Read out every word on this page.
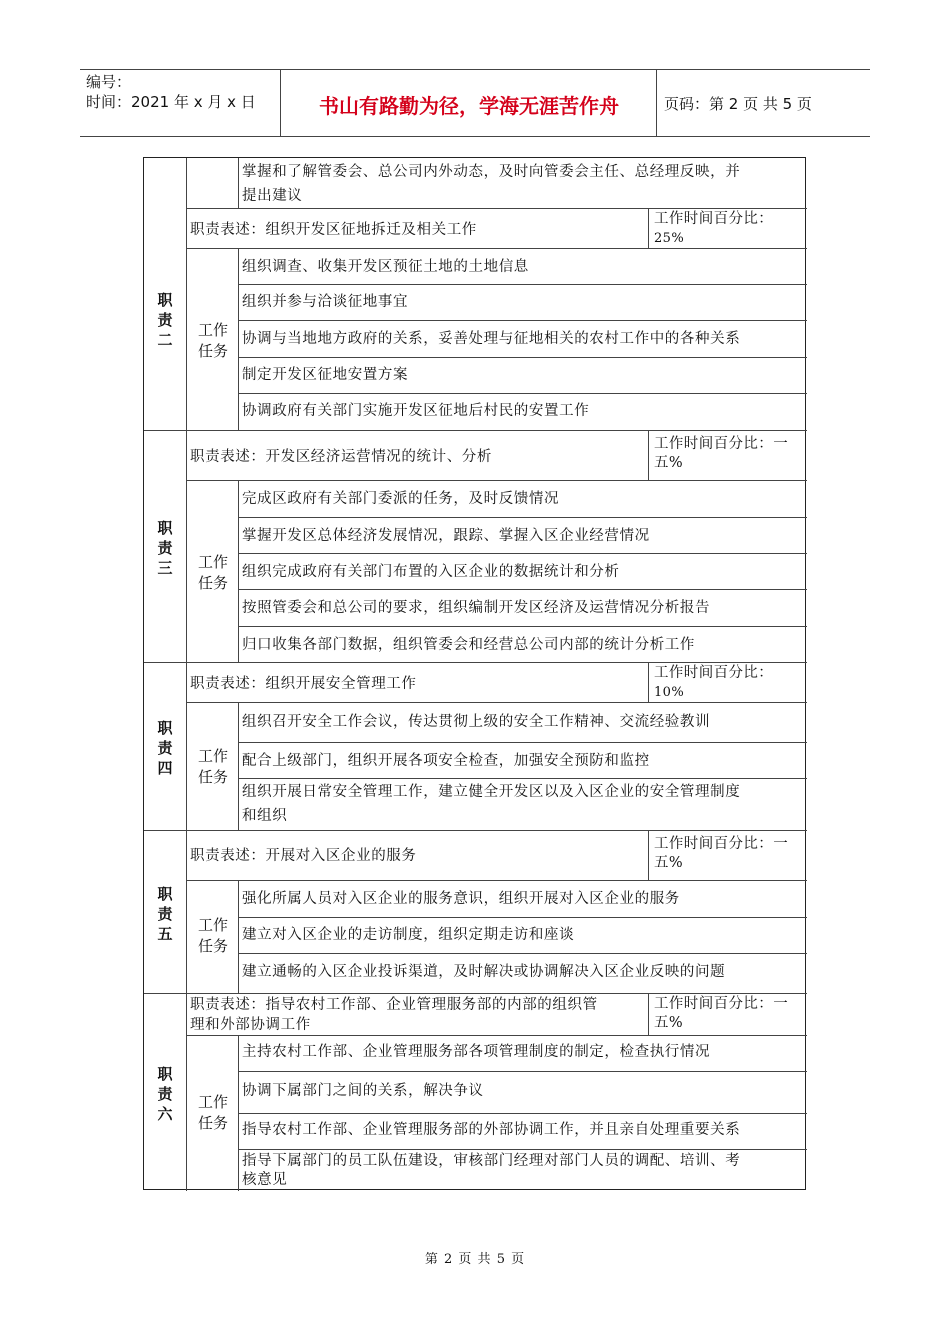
编号：
时间：2021 年 x 月 x 日	书山有路勤为径，学海无涯苦作舟	页码：第 2 页 共 5 页
掌握和了解管委会、总公司内外动态，及时向管委会主任、总经理反映，并
提出建议
职
责
二
职责表述：组织开发区征地拆迁及相关工作
工作时间百分比：
25%
工作
任务
组织调查、收集开发区预征土地的土地信息
组织并参与洽谈征地事宜
协调与当地地方政府的关系，妥善处理与征地相关的农村工作中的各种关系
制定开发区征地安置方案
协调政府有关部门实施开发区征地后村民的安置工作
职
责
三
职责表述：开发区经济运营情况的统计、分析
工作时间百分比：一
五%
工作
任务
完成区政府有关部门委派的任务，及时反馈情况
掌握开发区总体经济发展情况，跟踪、掌握入区企业经营情况
组织完成政府有关部门布置的入区企业的数据统计和分析
按照管委会和总公司的要求，组织编制开发区经济及运营情况分析报告
归口收集各部门数据，组织管委会和经营总公司内部的统计分析工作
职
责
四
职责表述：组织开展安全管理工作
工作时间百分比：
10%
工作
任务
组织召开安全工作会议，传达贯彻上级的安全工作精神、交流经验教训
配合上级部门，组织开展各项安全检查，加强安全预防和监控
组织开展日常安全管理工作，建立健全开发区以及入区企业的安全管理制度
和组织
职
责
五
职责表述：开展对入区企业的服务
工作时间百分比：一
五%
工作
任务
强化所属人员对入区企业的服务意识，组织开展对入区企业的服务
建立对入区企业的走访制度，组织定期走访和座谈
建立通畅的入区企业投诉渠道，及时解决或协调解决入区企业反映的问题
职
责
六
职责表述：指导农村工作部、企业管理服务部的内部的组织管
理和外部协调工作
工作时间百分比：一
五%
工作
任务
主持农村工作部、企业管理服务部各项管理制度的制定，检查执行情况
协调下属部门之间的关系，解决争议
指导农村工作部、企业管理服务部的外部协调工作，并且亲自处理重要关系
指导下属部门的员工队伍建设，审核部门经理对部门人员的调配、培训、考
核意见
第 2 页 共 5 页
